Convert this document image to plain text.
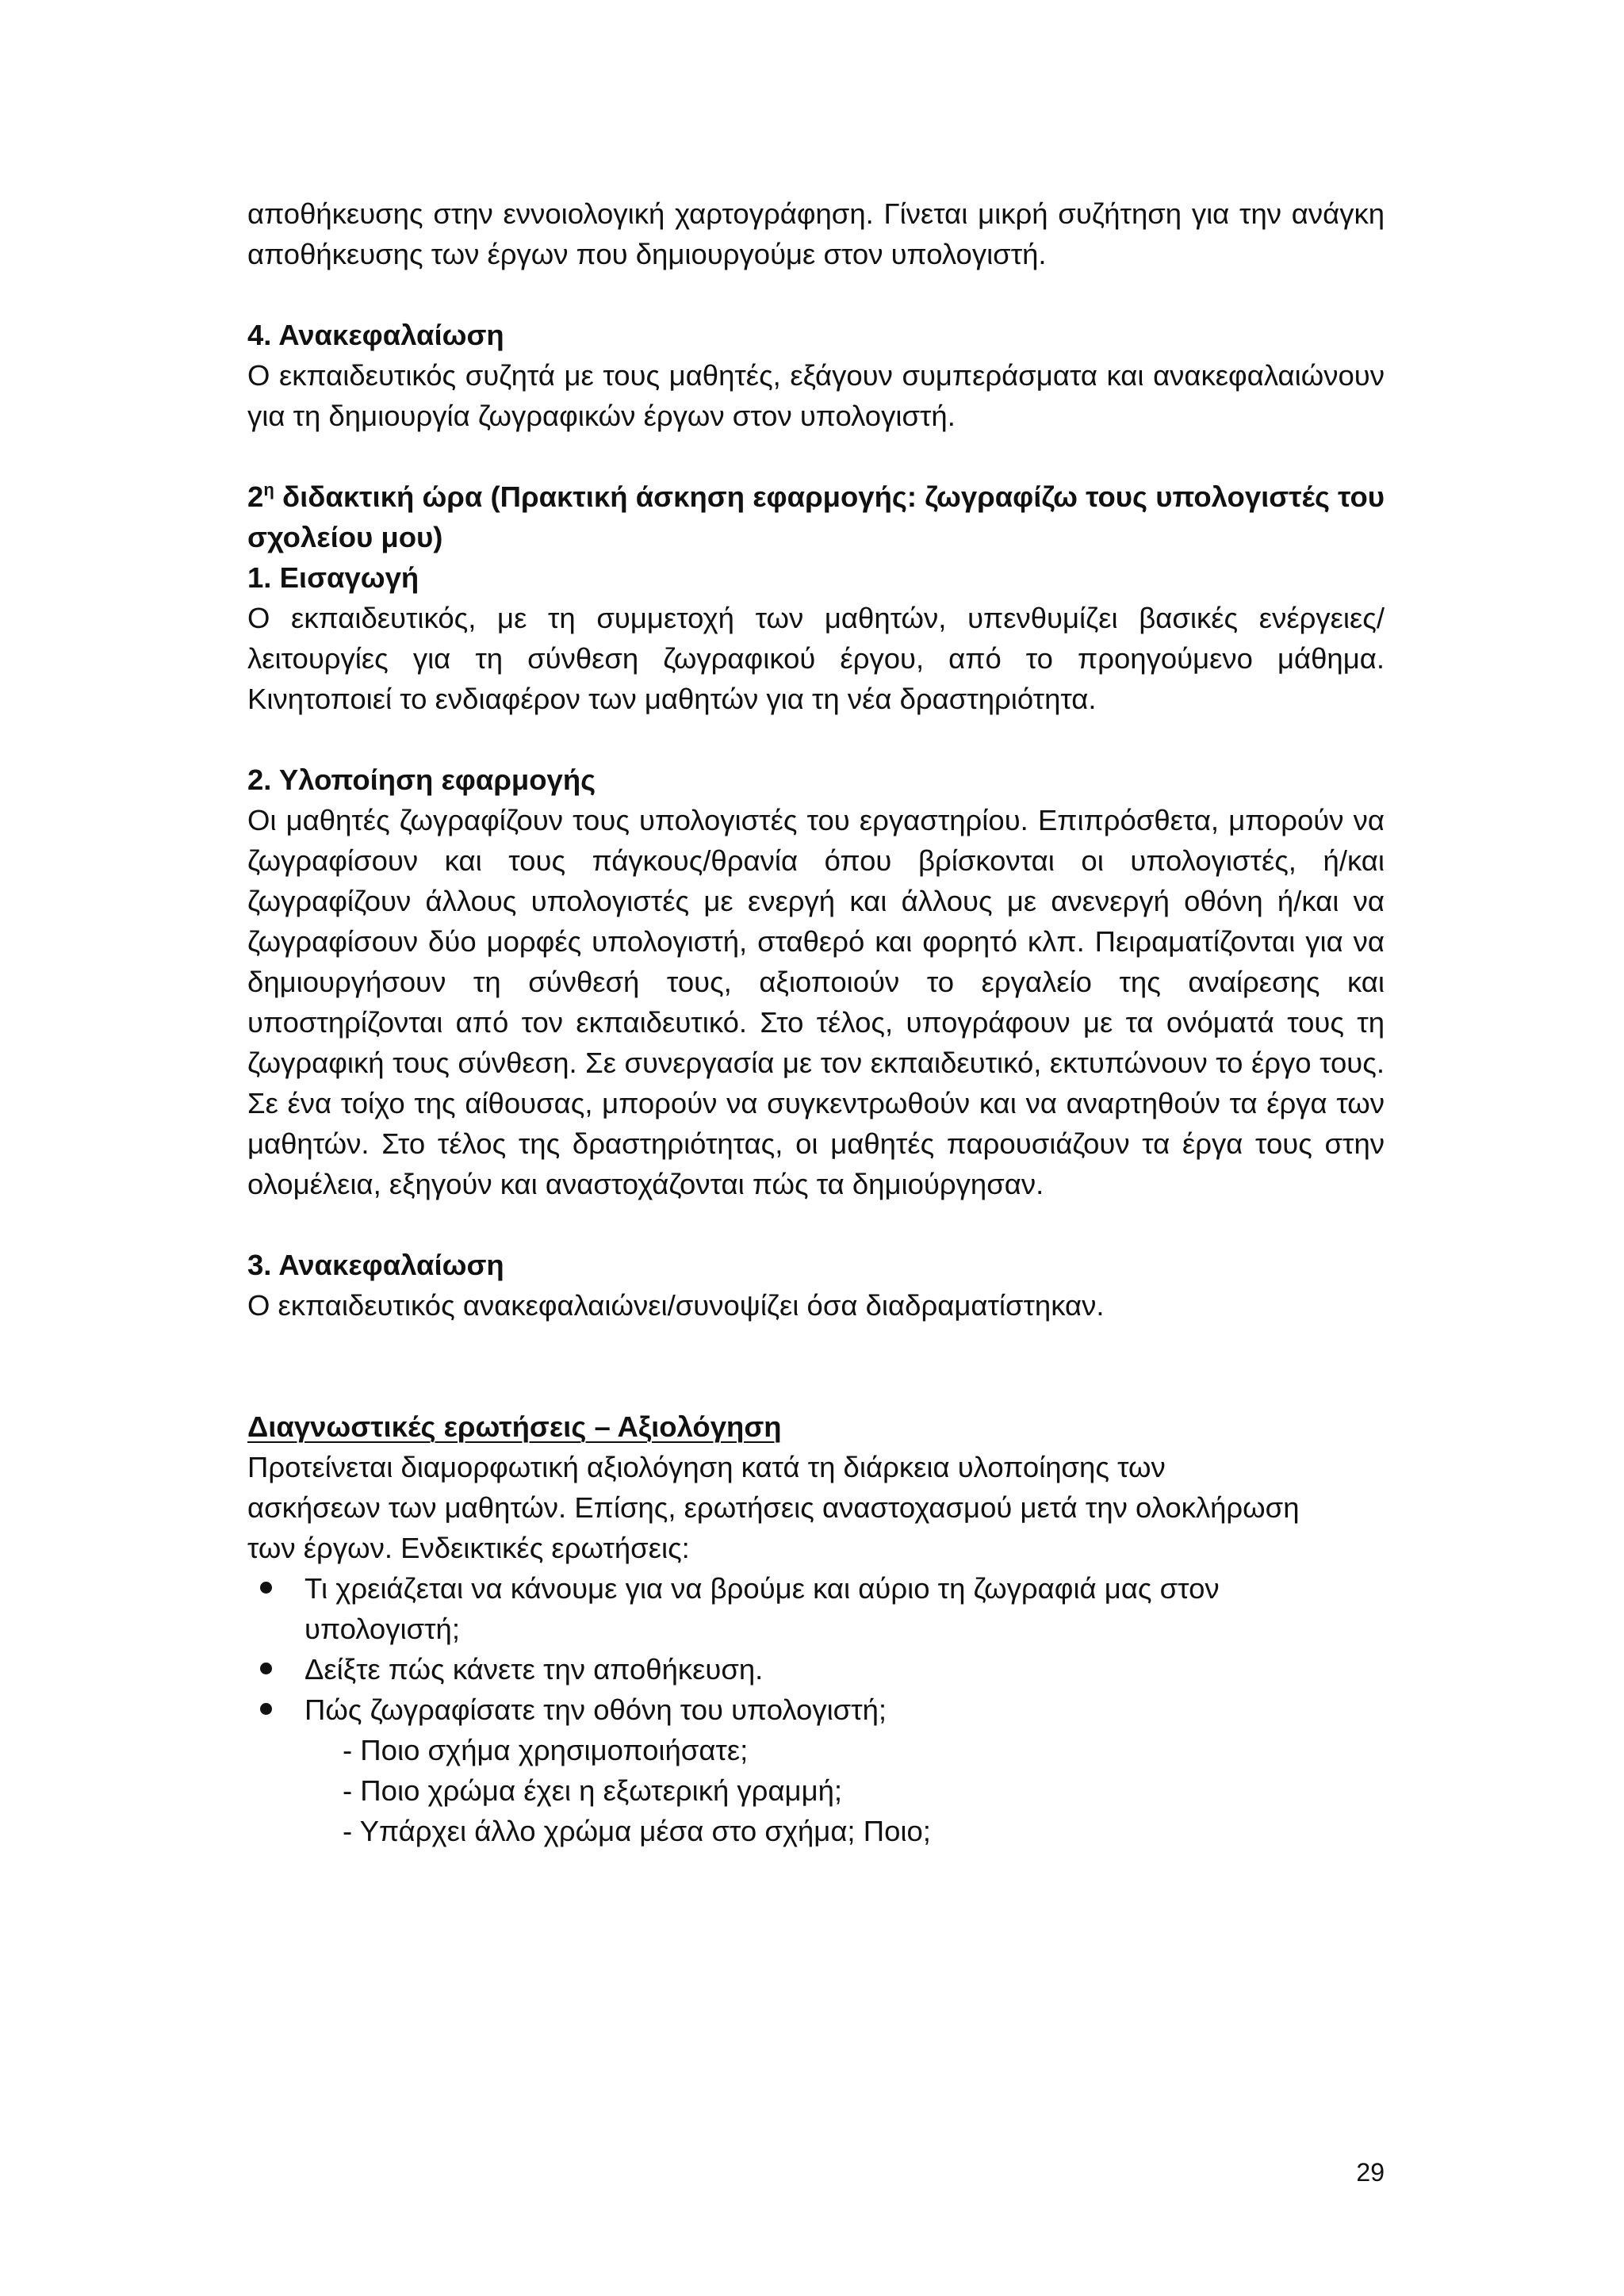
αποθήκευσης στην εννοιολογική χαρτογράφηση. Γίνεται μικρή συζήτηση για την ανάγκη αποθήκευσης των έργων που δημιουργούμε στον υπολογιστή.

4. Ανακεφαλαίωση

Ο εκπαιδευτικός συζητά με τους μαθητές, εξάγουν συμπεράσματα και ανακεφαλαιώνουν για τη δημιουργία ζωγραφικών έργων στον υπολογιστή.

$2^\eta$ διδακτική ώρα (Πρακτική άσκηση εφαρμογής: ζωγραφίζω τους υπολογιστές του σχολείου μου)
1. Εισαγωγή

Ο εκπαιδευτικός, με τη συμμετοχή των μαθητών, υπενθυμίζει βασικές ενέργειες/λειτουργίες για τη σύνθεση ζωγραφικού έργου, από το προηγούμενο μάθημα. Κινητοποιεί το ενδιαφέρον των μαθητών για τη νέα δραστηριότητα.

2. Υλοποίηση εφαρμογής

Οι μαθητές ζωγραφίζουν τους υπολογιστές του εργαστηρίου. Επιπρόσθετα, μπορούν να ζωγραφίσουν και τους πάγκους/θρανία όπου βρίσκονται οι υπολογιστές, ή/και ζωγραφίζουν άλλους υπολογιστές με ενεργή και άλλους με ανενεργή οθόνη ή/και να ζωγραφίσουν δύο μορφές υπολογιστή, σταθερό και φορητό κλπ. Πειραματίζονται για να δημιουργήσουν τη σύνθεσή τους, αξιοποιούν το εργαλείο της αναίρεσης και υποστηρίζονται από τον εκπαιδευτικό. Στο τέλος, υπογράφουν με τα ονόματά τους τη ζωγραφική τους σύνθεση. Σε συνεργασία με τον εκπαιδευτικό, εκτυπώνουν το έργο τους. Σε ένα τοίχο της αίθουσας, μπορούν να συγκεντρωθούν και να αναρτηθούν τα έργα των μαθητών. Στο τέλος της δραστηριότητας, οι μαθητές παρουσιάζουν τα έργα τους στην ολομέλεια, εξηγούν και αναστοχάζονται πώς τα δημιούργησαν.

3. Ανακεφαλαίωση

Ο εκπαιδευτικός ανακεφαλαιώνει/συνοψίζει όσα διαδραματίστηκαν.

Διαγνωστικές ερωτήσεις – Αξιολόγηση
Προτείνεται διαμορφωτική αξιολόγηση κατά τη διάρκεια υλοποίησης των
ασκήσεων των μαθητών. Επίσης, ερωτήσεις αναστοχασμού μετά την ολοκλήρωση
των έργων. Ενδεικτικές ερωτήσεις:
Τι χρειάζεται να κάνουμε για να βρούμε και αύριο τη ζωγραφιά μας στον
υπολογιστή;
Δείξτε πώς κάνετε την αποθήκευση.
Πώς ζωγραφίσατε την οθόνη του υπολογιστή;
- Ποιο σχήμα χρησιμοποιήσατε;
- Ποιο χρώμα έχει η εξωτερική γραμμή;
- Υπάρχει άλλο χρώμα μέσα στο σχήμα; Ποιο;
29
